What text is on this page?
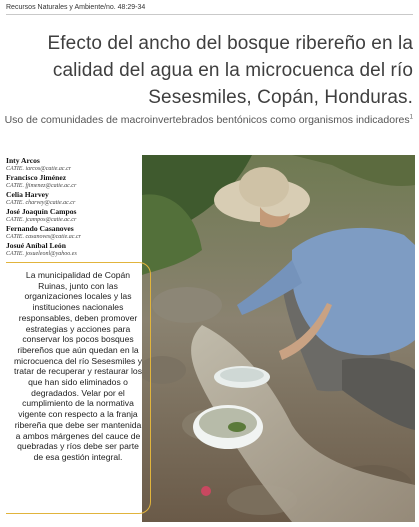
Recursos Naturales y Ambiente/no. 48:29-34
Efecto del ancho del bosque ribereño en la
calidad del agua en la microcuenca del río
Sesesmiles, Copán, Honduras.
Uso de comunidades de macroinvertebrados bentónicos como organismos indicadores$^1$
Inty Arcos
CATIE. iarcos@catie.ac.cr
Francisco Jiménez
CATIE. fjimenez@catie.ac.cr
Celia Harvey
CATIE. charvey@catie.ac.cr
José Joaquín Campos
CATIE. jcampos@catie.ac.cr
Fernando Casanoves
CATIE. casanoves@catie.ac.cr
Josué Aníbal León
CATIE. josueleonl@yahoo.es
La municipalidad de Copán Ruinas, junto con las organizaciones locales y las instituciones nacionales responsables, deben promover estrategias y acciones para conservar los pocos bosques ribereños que aún quedan en la microcuenca del río Sesesmiles y tratar de recuperar y restaurar los que han sido eliminados o degradados. Velar por el cumplimiento de la normativa vigente con respecto a la franja ribereña que debe ser mantenida a ambos márgenes del cauce de quebradas y ríos debe ser parte de esa gestión integral.
